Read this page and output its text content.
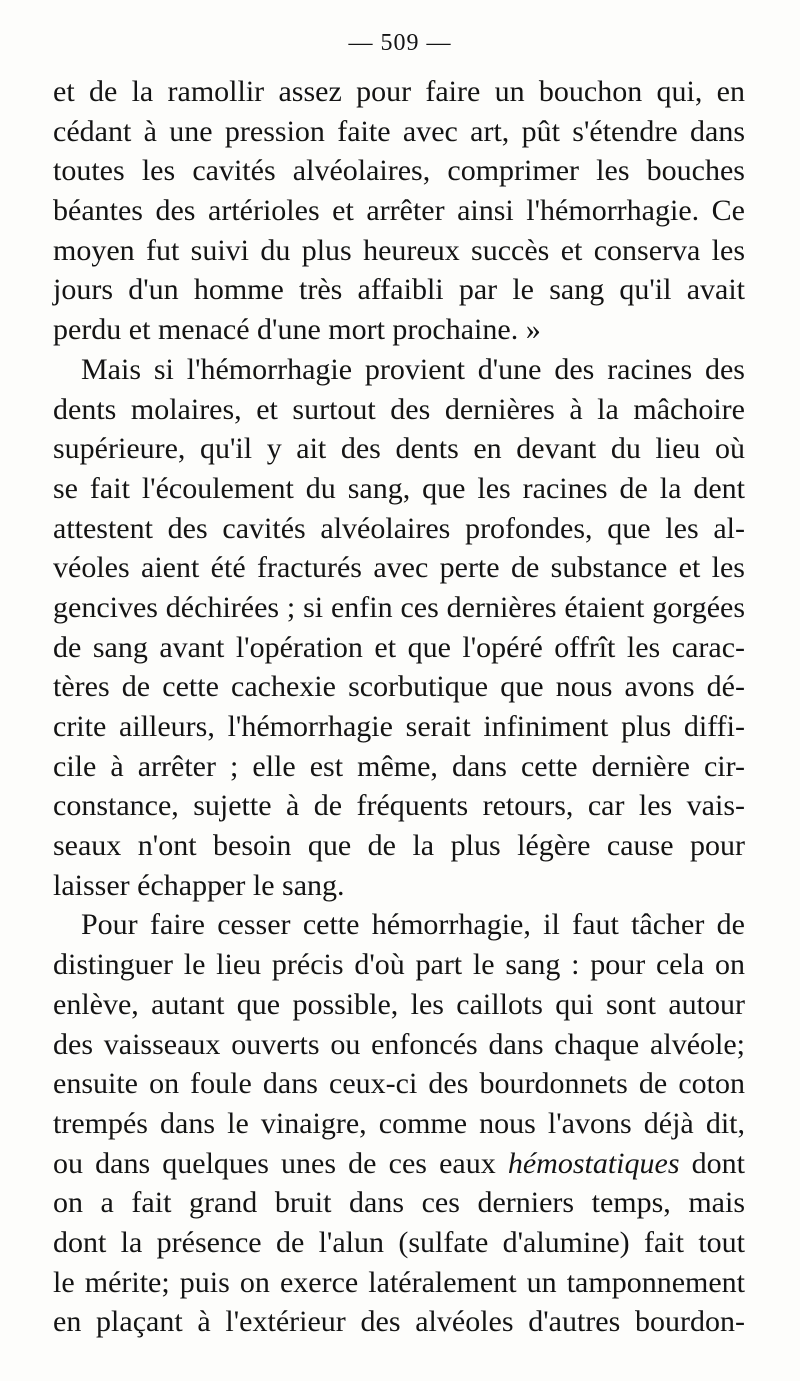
— 509 —
et de la ramollir assez pour faire un bouchon qui, en
cédant à une pression faite avec art, pût s'étendre dans
toutes les cavités alvéolaires, comprimer les bouches
béantes des artérioles et arrêter ainsi l'hémorrhagie. Ce
moyen fut suivi du plus heureux succès et conserva les
jours d'un homme très affaibli par le sang qu'il avait
perdu et menacé d'une mort prochaine. »
Mais si l'hémorrhagie provient d'une des racines des
dents molaires, et surtout des dernières à la mâchoire
supérieure, qu'il y ait des dents en devant du lieu où
se fait l'écoulement du sang, que les racines de la dent
attestent des cavités alvéolaires profondes, que les al-
véoles aient été fracturés avec perte de substance et les
gencives déchirées ; si enfin ces dernières étaient gorgées
de sang avant l'opération et que l'opéré offrît les carac-
tères de cette cachexie scorbutique que nous avons dé-
crite ailleurs, l'hémorrhagie serait infiniment plus diffi-
cile à arrêter ; elle est même, dans cette dernière cir-
constance, sujette à de fréquents retours, car les vais-
seaux n'ont besoin que de la plus légère cause pour
laisser échapper le sang.
Pour faire cesser cette hémorrhagie, il faut tâcher de
distinguer le lieu précis d'où part le sang : pour cela on
enlève, autant que possible, les caillots qui sont autour
des vaisseaux ouverts ou enfoncés dans chaque alvéole;
ensuite on foule dans ceux-ci des bourdonnets de coton
trempés dans le vinaigre, comme nous l'avons déjà dit,
ou dans quelques unes de ces eaux hémostatiques dont
on a fait grand bruit dans ces derniers temps, mais
dont la présence de l'alun (sulfate d'alumine) fait tout
le mérite; puis on exerce latéralement un tamponnement
en plaçant à l'extérieur des alvéoles d'autres bourdon-
